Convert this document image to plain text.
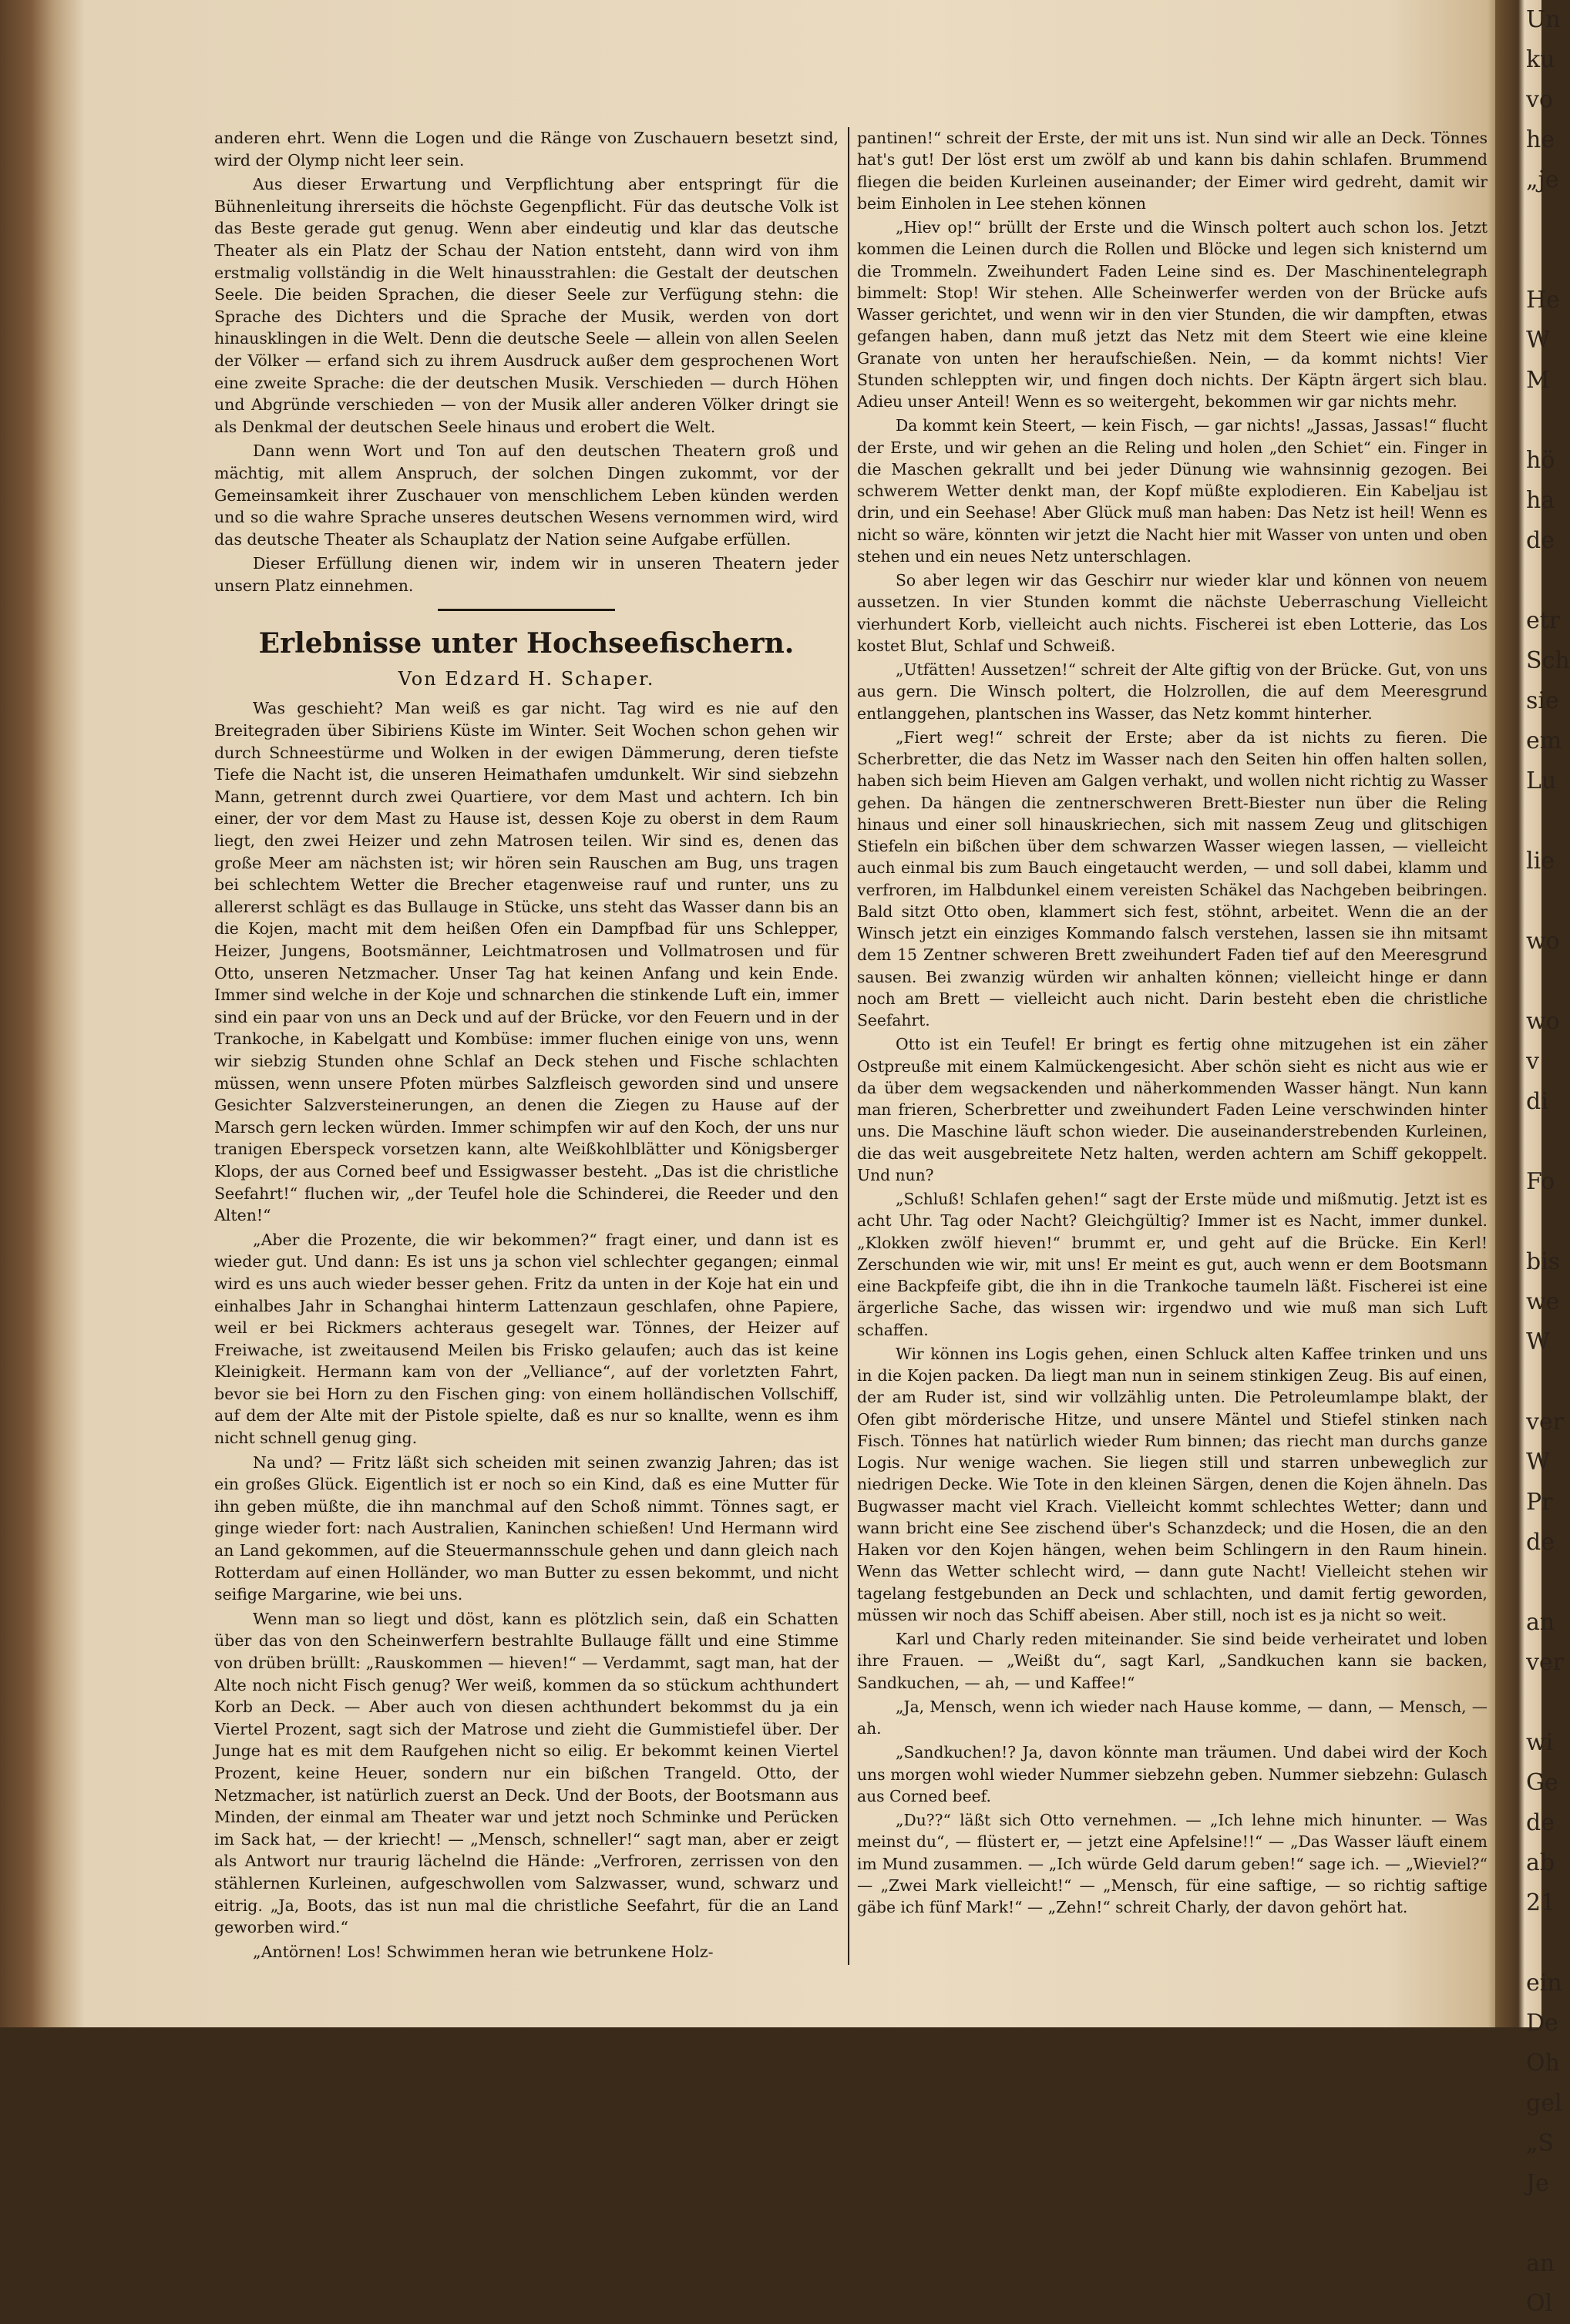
Un
ku
vo
he
„je

He
W
M

hö
ha
de

etr
Sch
sie
em
Lu

lie

wo

wo
v
di

Fo

bis
we
W

ver
W
Pr
de

an
ver

wi
Ge
de
ab
21

ein
De
Oh
gel
„S
Je

an
Ol

anderen ehrt. Wenn die Logen und die Ränge von Zuschauern besetzt sind, wird der Olymp nicht leer sein.

Aus dieser Erwartung und Verpflichtung aber entspringt für die Bühnenleitung ihrerseits die höchste Gegenpflicht. Für das deutsche Volk ist das Beste gerade gut genug. Wenn aber eindeutig und klar das deutsche Theater als ein Platz der Schau der Nation entsteht, dann wird von ihm erstmalig vollständig in die Welt hinausstrahlen: die Gestalt der deutschen Seele. Die beiden Sprachen, die dieser Seele zur Verfügung stehn: die Sprache des Dichters und die Sprache der Musik, werden von dort hinausklingen in die Welt. Denn die deutsche Seele — allein von allen Seelen der Völker — erfand sich zu ihrem Ausdruck außer dem gesprochenen Wort eine zweite Sprache: die der deutschen Musik. Verschieden — durch Höhen und Abgründe verschieden — von der Musik aller anderen Völker dringt sie als Denkmal der deutschen Seele hinaus und erobert die Welt.

Dann wenn Wort und Ton auf den deutschen Theatern groß und mächtig, mit allem Anspruch, der solchen Dingen zukommt, vor der Gemeinsamkeit ihrer Zuschauer von menschlichem Leben künden werden und so die wahre Sprache unseres deutschen Wesens vernommen wird, wird das deutsche Theater als Schauplatz der Nation seine Aufgabe erfüllen.

Dieser Erfüllung dienen wir, indem wir in unseren Theatern jeder unsern Platz einnehmen.

Erlebnisse unter Hochseefischern.
Von Edzard H. Schaper.

Was geschieht? Man weiß es gar nicht. Tag wird es nie auf den Breitegraden über Sibiriens Küste im Winter. Seit Wochen schon gehen wir durch Schneestürme und Wolken in der ewigen Dämmerung, deren tiefste Tiefe die Nacht ist, die unseren Heimathafen umdunkelt. Wir sind siebzehn Mann, getrennt durch zwei Quartiere, vor dem Mast und achtern. Ich bin einer, der vor dem Mast zu Hause ist, dessen Koje zu oberst in dem Raum liegt, den zwei Heizer und zehn Matrosen teilen. Wir sind es, denen das große Meer am nächsten ist; wir hören sein Rauschen am Bug, uns tragen bei schlechtem Wetter die Brecher etagenweise rauf und runter, uns zu allererst schlägt es das Bullauge in Stücke, uns steht das Wasser dann bis an die Kojen, macht mit dem heißen Ofen ein Dampfbad für uns Schlepper, Heizer, Jungens, Bootsmänner, Leichtmatrosen und Vollmatrosen und für Otto, unseren Netzmacher. Unser Tag hat keinen Anfang und kein Ende. Immer sind welche in der Koje und schnarchen die stinkende Luft ein, immer sind ein paar von uns an Deck und auf der Brücke, vor den Feuern und in der Trankoche, in Kabelgatt und Kombüse: immer fluchen einige von uns, wenn wir siebzig Stunden ohne Schlaf an Deck stehen und Fische schlachten müssen, wenn unsere Pfoten mürbes Salzfleisch geworden sind und unsere Gesichter Salzversteinerungen, an denen die Ziegen zu Hause auf der Marsch gern lecken würden. Immer schimpfen wir auf den Koch, der uns nur tranigen Eberspeck vorsetzen kann, alte Weißkohlblätter und Königsberger Klops, der aus Corned beef und Essigwasser besteht. „Das ist die christliche Seefahrt!“ fluchen wir, „der Teufel hole die Schinderei, die Reeder und den Alten!“

„Aber die Prozente, die wir bekommen?“ fragt einer, und dann ist es wieder gut. Und dann: Es ist uns ja schon viel schlechter gegangen; einmal wird es uns auch wieder besser gehen. Fritz da unten in der Koje hat ein und einhalbes Jahr in Schanghai hinterm Lattenzaun geschlafen, ohne Papiere, weil er bei Rickmers achteraus gesegelt war. Tönnes, der Heizer auf Freiwache, ist zweitausend Meilen bis Frisko gelaufen; auch das ist keine Kleinigkeit. Hermann kam von der „Velliance“, auf der vorletzten Fahrt, bevor sie bei Horn zu den Fischen ging: von einem holländischen Vollschiff, auf dem der Alte mit der Pistole spielte, daß es nur so knallte, wenn es ihm nicht schnell genug ging.

Na und? — Fritz läßt sich scheiden mit seinen zwanzig Jahren; das ist ein großes Glück. Eigentlich ist er noch so ein Kind, daß es eine Mutter für ihn geben müßte, die ihn manchmal auf den Schoß nimmt. Tönnes sagt, er ginge wieder fort: nach Australien, Kaninchen schießen! Und Hermann wird an Land gekommen, auf die Steuermannsschule gehen und dann gleich nach Rotterdam auf einen Holländer, wo man Butter zu essen bekommt, und nicht seifige Margarine, wie bei uns.

Wenn man so liegt und döst, kann es plötzlich sein, daß ein Schatten über das von den Scheinwerfern bestrahlte Bullauge fällt und eine Stimme von drüben brüllt: „Rauskommen — hieven!“ — Verdammt, sagt man, hat der Alte noch nicht Fisch genug? Wer weiß, kommen da so stückum achthundert Korb an Deck. — Aber auch von diesen achthundert bekommst du ja ein Viertel Prozent, sagt sich der Matrose und zieht die Gummistiefel über. Der Junge hat es mit dem Raufgehen nicht so eilig. Er bekommt keinen Viertel Prozent, keine Heuer, sondern nur ein bißchen Trangeld. Otto, der Netzmacher, ist natürlich zuerst an Deck. Und der Boots, der Bootsmann aus Minden, der einmal am Theater war und jetzt noch Schminke und Perücken im Sack hat, — der kriecht! — „Mensch, schneller!“ sagt man, aber er zeigt als Antwort nur traurig lächelnd die Hände: „Verfroren, zerrissen von den stählernen Kurleinen, aufgeschwollen vom Salzwasser, wund, schwarz und eitrig. „Ja, Boots, das ist nun mal die christliche Seefahrt, für die an Land geworben wird.“

„Antörnen! Los! Schwimmen heran wie betrunkene Holz-

pantinen!“ schreit der Erste, der mit uns ist. Nun sind wir alle an Deck. Tönnes hat's gut! Der löst erst um zwölf ab und kann bis dahin schlafen. Brummend fliegen die beiden Kurleinen auseinander; der Eimer wird gedreht, damit wir beim Einholen in Lee stehen können

„Hiev op!“ brüllt der Erste und die Winsch poltert auch schon los. Jetzt kommen die Leinen durch die Rollen und Blöcke und legen sich knisternd um die Trommeln. Zweihundert Faden Leine sind es. Der Maschinentelegraph bimmelt: Stop! Wir stehen. Alle Scheinwerfer werden von der Brücke aufs Wasser gerichtet, und wenn wir in den vier Stunden, die wir dampften, etwas gefangen haben, dann muß jetzt das Netz mit dem Steert wie eine kleine Granate von unten her heraufschießen. Nein, — da kommt nichts! Vier Stunden schleppten wir, und fingen doch nichts. Der Käptn ärgert sich blau. Adieu unser Anteil! Wenn es so weitergeht, bekommen wir gar nichts mehr.

Da kommt kein Steert, — kein Fisch, — gar nichts! „Jassas, Jassas!“ flucht der Erste, und wir gehen an die Reling und holen „den Schiet“ ein. Finger in die Maschen gekrallt und bei jeder Dünung wie wahnsinnig gezogen. Bei schwerem Wetter denkt man, der Kopf müßte explodieren. Ein Kabeljau ist drin, und ein Seehase! Aber Glück muß man haben: Das Netz ist heil! Wenn es nicht so wäre, könnten wir jetzt die Nacht hier mit Wasser von unten und oben stehen und ein neues Netz unterschlagen.

So aber legen wir das Geschirr nur wieder klar und können von neuem aussetzen. In vier Stunden kommt die nächste Ueberraschung Vielleicht vierhundert Korb, vielleicht auch nichts. Fischerei ist eben Lotterie, das Los kostet Blut, Schlaf und Schweiß.

„Utfätten! Aussetzen!“ schreit der Alte giftig von der Brücke. Gut, von uns aus gern. Die Winsch poltert, die Holzrollen, die auf dem Meeresgrund entlanggehen, plantschen ins Wasser, das Netz kommt hinterher.

„Fiert weg!“ schreit der Erste; aber da ist nichts zu fieren. Die Scherbretter, die das Netz im Wasser nach den Seiten hin offen halten sollen, haben sich beim Hieven am Galgen verhakt, und wollen nicht richtig zu Wasser gehen. Da hängen die zentnerschweren Brett-Biester nun über die Reling hinaus und einer soll hinauskriechen, sich mit nassem Zeug und glitschigen Stiefeln ein bißchen über dem schwarzen Wasser wiegen lassen, — vielleicht auch einmal bis zum Bauch eingetaucht werden, — und soll dabei, klamm und verfroren, im Halbdunkel einem vereisten Schäkel das Nachgeben beibringen. Bald sitzt Otto oben, klammert sich fest, stöhnt, arbeitet. Wenn die an der Winsch jetzt ein einziges Kommando falsch verstehen, lassen sie ihn mitsamt dem 15 Zentner schweren Brett zweihundert Faden tief auf den Meeresgrund sausen. Bei zwanzig würden wir anhalten können; vielleicht hinge er dann noch am Brett — vielleicht auch nicht. Darin besteht eben die christliche Seefahrt.

Otto ist ein Teufel! Er bringt es fertig ohne mitzugehen ist ein zäher Ostpreuße mit einem Kalmückengesicht. Aber schön sieht es nicht aus wie er da über dem wegsackenden und näherkommenden Wasser hängt. Nun kann man frieren, Scherbretter und zweihundert Faden Leine verschwinden hinter uns. Die Maschine läuft schon wieder. Die auseinanderstrebenden Kurleinen, die das weit ausgebreitete Netz halten, werden achtern am Schiff gekoppelt. Und nun?

„Schluß! Schlafen gehen!“ sagt der Erste müde und mißmutig. Jetzt ist es acht Uhr. Tag oder Nacht? Gleichgültig? Immer ist es Nacht, immer dunkel. „Klokken zwölf hieven!“ brummt er, und geht auf die Brücke. Ein Kerl! Zerschunden wie wir, mit uns! Er meint es gut, auch wenn er dem Bootsmann eine Backpfeife gibt, die ihn in die Trankoche taumeln läßt. Fischerei ist eine ärgerliche Sache, das wissen wir: irgendwo und wie muß man sich Luft schaffen.

Wir können ins Logis gehen, einen Schluck alten Kaffee trinken und uns in die Kojen packen. Da liegt man nun in seinem stinkigen Zeug. Bis auf einen, der am Ruder ist, sind wir vollzählig unten. Die Petroleumlampe blakt, der Ofen gibt mörderische Hitze, und unsere Mäntel und Stiefel stinken nach Fisch. Tönnes hat natürlich wieder Rum binnen; das riecht man durchs ganze Logis. Nur wenige wachen. Sie liegen still und starren unbeweglich zur niedrigen Decke. Wie Tote in den kleinen Särgen, denen die Kojen ähneln. Das Bugwasser macht viel Krach. Vielleicht kommt schlechtes Wetter; dann und wann bricht eine See zischend über's Schanzdeck; und die Hosen, die an den Haken vor den Kojen hängen, wehen beim Schlingern in den Raum hinein. Wenn das Wetter schlecht wird, — dann gute Nacht! Vielleicht stehen wir tagelang festgebunden an Deck und schlachten, und damit fertig geworden, müssen wir noch das Schiff abeisen. Aber still, noch ist es ja nicht so weit.

Karl und Charly reden miteinander. Sie sind beide verheiratet und loben ihre Frauen. — „Weißt du“, sagt Karl, „Sandkuchen kann sie backen, Sandkuchen, — ah, — und Kaffee!“

„Ja, Mensch, wenn ich wieder nach Hause komme, — dann, — Mensch, — ah.

„Sandkuchen!? Ja, davon könnte man träumen. Und dabei wird der Koch uns morgen wohl wieder Nummer siebzehn geben. Nummer siebzehn: Gulasch aus Corned beef.

„Du??“ läßt sich Otto vernehmen. — „Ich lehne mich hinunter. — Was meinst du“, — flüstert er, — jetzt eine Apfelsine!!“ — „Das Wasser läuft einem im Mund zusammen. — „Ich würde Geld darum geben!“ sage ich. — „Wieviel?“ — „Zwei Mark vielleicht!“ — „Mensch, für eine saftige, — so richtig saftige gäbe ich fünf Mark!“ — „Zehn!“ schreit Charly, der davon gehört hat.
